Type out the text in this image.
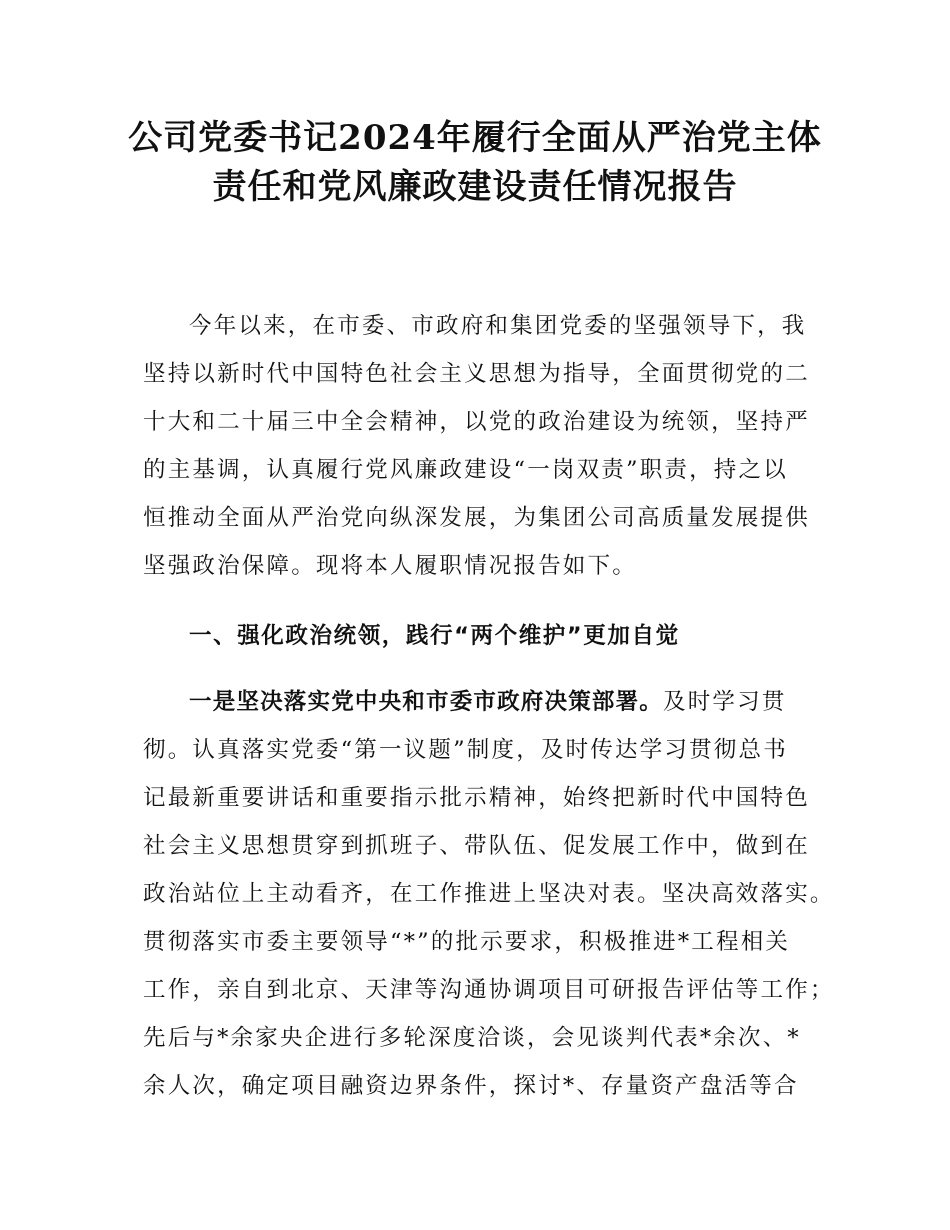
公司党委书记2024年履行全面从严治党主体
责任和党风廉政建设责任情况报告
今年以来，在市委、市政府和集团党委的坚强领导下，我
坚持以新时代中国特色社会主义思想为指导，全面贯彻党的二
十大和二十届三中全会精神，以党的政治建设为统领，坚持严
的主基调，认真履行党风廉政建设“一岗双责”职责，持之以
恒推动全面从严治党向纵深发展，为集团公司高质量发展提供
坚强政治保障。现将本人履职情况报告如下。
一、强化政治统领，践行“两个维护”更加自觉
一是坚决落实党中央和市委市政府决策部署。及时学习贯
彻。认真落实党委“第一议题”制度，及时传达学习贯彻总书
记最新重要讲话和重要指示批示精神，始终把新时代中国特色
社会主义思想贯穿到抓班子、带队伍、促发展工作中，做到在
政治站位上主动看齐，在工作推进上坚决对表。坚决高效落实。
贯彻落实市委主要领导“*”的批示要求，积极推进*工程相关
工作，亲自到北京、天津等沟通协调项目可研报告评估等工作；
先后与*余家央企进行多轮深度洽谈，会见谈判代表*余次、*
余人次，确定项目融资边界条件，探讨*、存量资产盘活等合
